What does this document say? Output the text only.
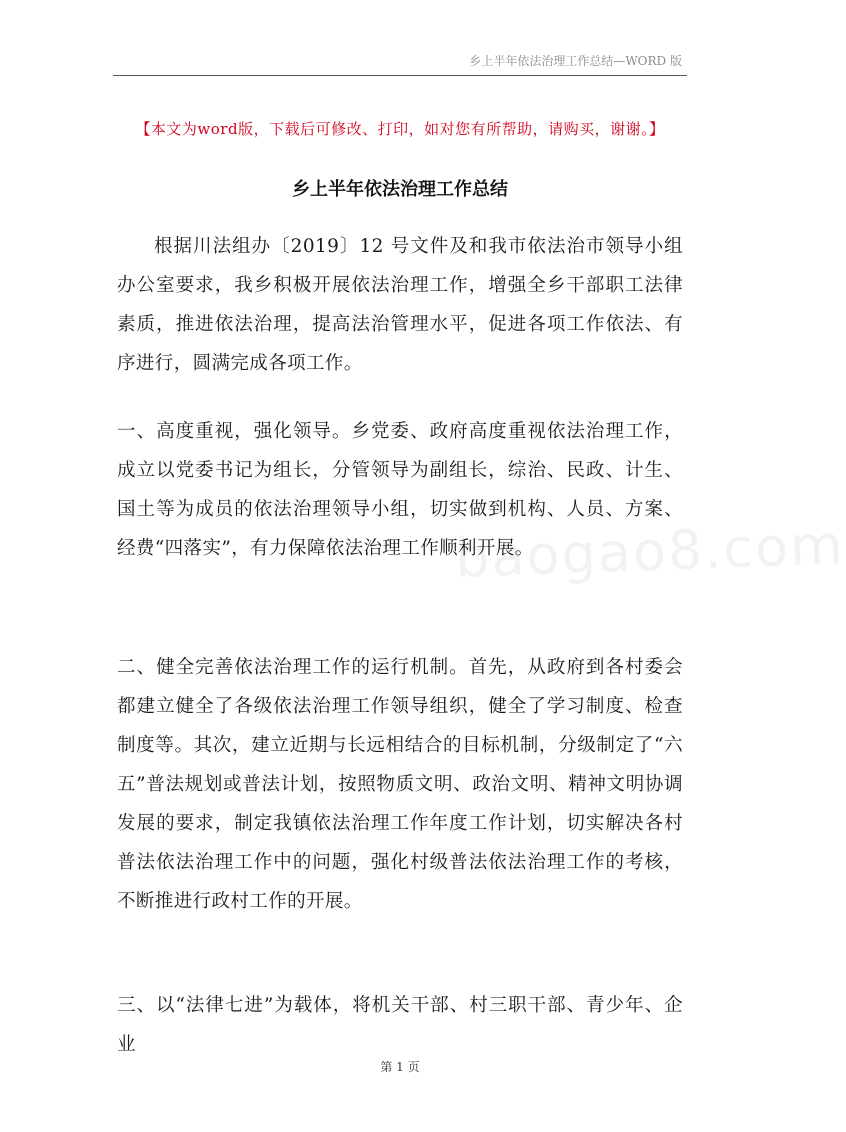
乡上半年依法治理工作总结—WORD 版
【本文为word版，下载后可修改、打印，如对您有所帮助，请购买，谢谢。】
乡上半年依法治理工作总结

根据川法组办〔2019〕12 号文件及和我市依法治市领导小组办公室要求，我乡积极开展依法治理工作，增强全乡干部职工法律素质，推进依法治理，提高法治管理水平，促进各项工作依法、有序进行，圆满完成各项工作。

一、高度重视，强化领导。乡党委、政府高度重视依法治理工作，成立以党委书记为组长，分管领导为副组长，综治、民政、计生、国土等为成员的依法治理领导小组，切实做到机构、人员、方案、经费“四落实”，有力保障依法治理工作顺利开展。

二、健全完善依法治理工作的运行机制。首先，从政府到各村委会都建立健全了各级依法治理工作领导组织，健全了学习制度、检查制度等。其次，建立近期与长远相结合的目标机制，分级制定了“六五”普法规划或普法计划，按照物质文明、政治文明、精神文明协调发展的要求，制定我镇依法治理工作年度工作计划，切实解决各村普法依法治理工作中的问题，强化村级普法依法治理工作的考核，不断推进行政村工作的开展。

三、以“法律七进”为载体，将机关干部、村三职干部、青少年、企业

baogao8.com
第 1 页
